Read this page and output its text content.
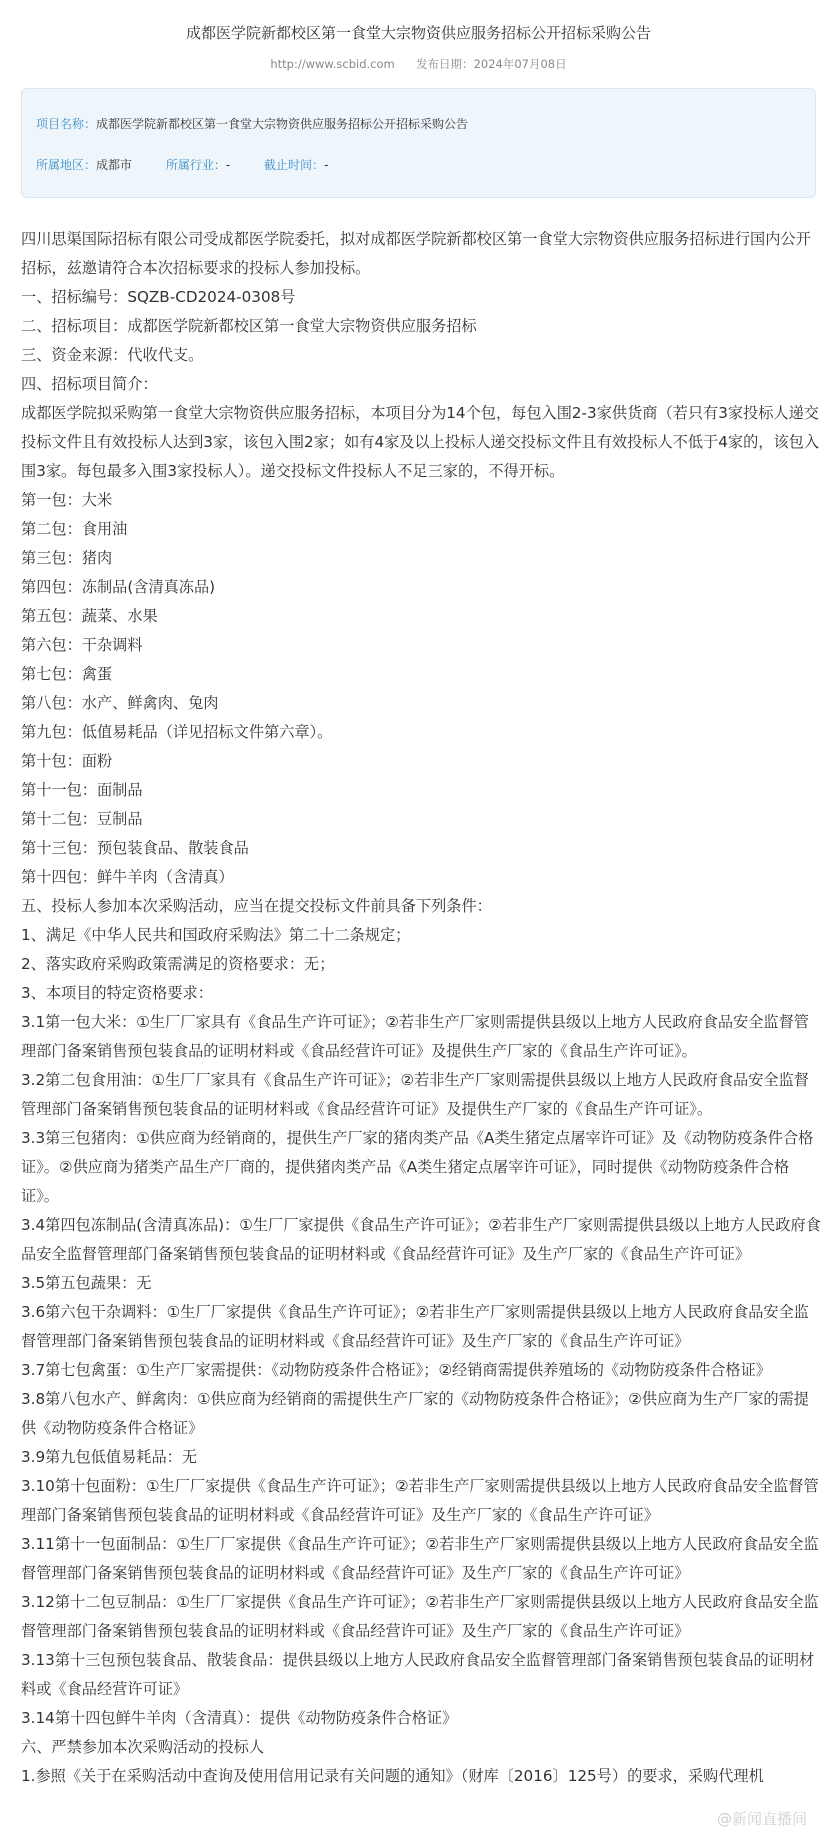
成都医学院新都校区第一食堂大宗物资供应服务招标公开招标采购公告
http://www.scbid.com 发布日期：2024年07月08日
项目名称：成都医学院新都校区第一食堂大宗物资供应服务招标公开招标采购公告
所属地区：成都市	所属行业：-	截止时间：-

四川思渠国际招标有限公司受成都医学院委托，拟对成都医学院新都校区第一食堂大宗物资供应服务招标进行国内公开招标，兹邀请符合本次招标要求的投标人参加投标。

一、招标编号：SQZB-CD2024-0308号

二、招标项目：成都医学院新都校区第一食堂大宗物资供应服务招标

三、资金来源：代收代支。

四、招标项目简介：

成都医学院拟采购第一食堂大宗物资供应服务招标，本项目分为14个包，每包入围2-3家供货商（若只有3家投标人递交投标文件且有效投标人达到3家，该包入围2家；如有4家及以上投标人递交投标文件且有效投标人不低于4家的，该包入围3家。每包最多入围3家投标人）。递交投标文件投标人不足三家的，不得开标。

第一包：大米

第二包：食用油

第三包：猪肉

第四包：冻制品(含清真冻品)

第五包：蔬菜、水果

第六包：干杂调料

第七包：禽蛋

第八包：水产、鲜禽肉、兔肉

第九包：低值易耗品（详见招标文件第六章）。

第十包：面粉

第十一包：面制品

第十二包：豆制品

第十三包：预包装食品、散装食品

第十四包：鲜牛羊肉（含清真）

五、投标人参加本次采购活动，应当在提交投标文件前具备下列条件：

1、满足《中华人民共和国政府采购法》第二十二条规定；

2、落实政府采购政策需满足的资格要求：无；

3、本项目的特定资格要求：

3.1第一包大米：①生厂厂家具有《食品生产许可证》；②若非生产厂家则需提供县级以上地方人民政府食品安全监督管理部门备案销售预包装食品的证明材料或《食品经营许可证》及提供生产厂家的《食品生产许可证》。

3.2第二包食用油：①生厂厂家具有《食品生产许可证》；②若非生产厂家则需提供县级以上地方人民政府食品安全监督管理部门备案销售预包装食品的证明材料或《食品经营许可证》及提供生产厂家的《食品生产许可证》。

3.3第三包猪肉：①供应商为经销商的，提供生产厂家的猪肉类产品《A类生猪定点屠宰许可证》及《动物防疫条件合格证》。②供应商为猪类产品生产厂商的，提供猪肉类产品《A类生猪定点屠宰许可证》，同时提供《动物防疫条件合格证》。

3.4第四包冻制品(含清真冻品)：①生厂厂家提供《食品生产许可证》；②若非生产厂家则需提供县级以上地方人民政府食品安全监督管理部门备案销售预包装食品的证明材料或《食品经营许可证》及生产厂家的《食品生产许可证》

3.5第五包蔬果：无

3.6第六包干杂调料：①生厂厂家提供《食品生产许可证》；②若非生产厂家则需提供县级以上地方人民政府食品安全监督管理部门备案销售预包装食品的证明材料或《食品经营许可证》及生产厂家的《食品生产许可证》

3.7第七包禽蛋：①生产厂家需提供：《动物防疫条件合格证》；②经销商需提供养殖场的《动物防疫条件合格证》

3.8第八包水产、鲜禽肉：①供应商为经销商的需提供生产厂家的《动物防疫条件合格证》；②供应商为生产厂家的需提供《动物防疫条件合格证》

3.9第九包低值易耗品：无

3.10第十包面粉：①生厂厂家提供《食品生产许可证》；②若非生产厂家则需提供县级以上地方人民政府食品安全监督管理部门备案销售预包装食品的证明材料或《食品经营许可证》及生产厂家的《食品生产许可证》

3.11第十一包面制品：①生厂厂家提供《食品生产许可证》；②若非生产厂家则需提供县级以上地方人民政府食品安全监督管理部门备案销售预包装食品的证明材料或《食品经营许可证》及生产厂家的《食品生产许可证》

3.12第十二包豆制品：①生厂厂家提供《食品生产许可证》；②若非生产厂家则需提供县级以上地方人民政府食品安全监督管理部门备案销售预包装食品的证明材料或《食品经营许可证》及生产厂家的《食品生产许可证》

3.13第十三包预包装食品、散装食品：提供县级以上地方人民政府食品安全监督管理部门备案销售预包装食品的证明材料或《食品经营许可证》

3.14第十四包鲜牛羊肉（含清真）：提供《动物防疫条件合格证》

六、严禁参加本次采购活动的投标人

1.参照《关于在采购活动中查询及使用信用记录有关问题的通知》（财库〔2016〕125号）的要求，采购代理机

@新闻直播间
